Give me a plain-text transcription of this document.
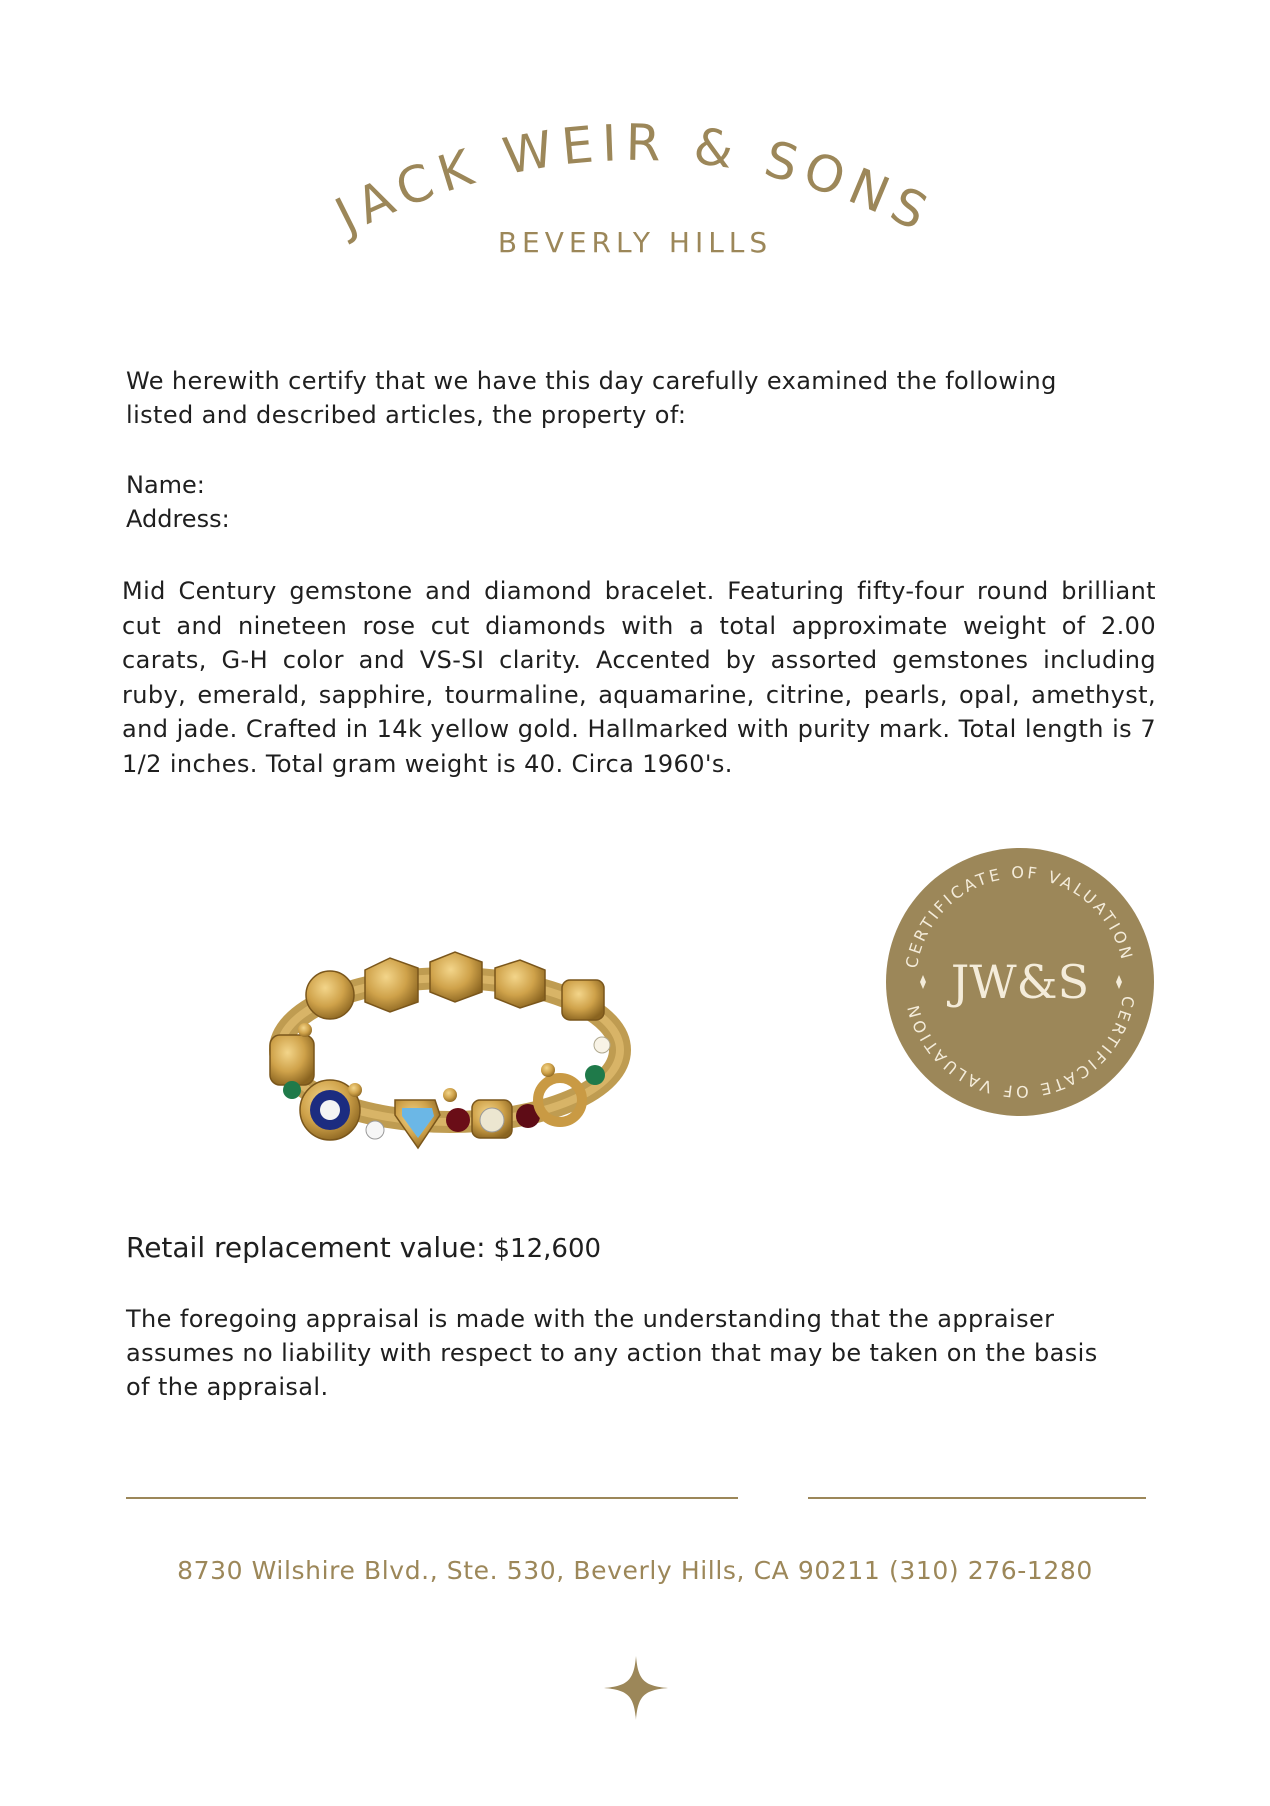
JACK WEIR & SONS
BEVERLY HILLS
We herewith certify that we have this day carefully examined the following listed and described articles, the property of:
Name:
Address:
Mid Century gemstone and diamond bracelet. Featuring fifty-four round brilliant cut and nineteen rose cut diamonds with a total approximate weight of 2.00 carats, G-H color and VS-SI clarity. Accented by assorted gemstones including ruby, emerald, sapphire, tourmaline, aquamarine, citrine, pearls, opal, amethyst, and jade. Crafted in 14k yellow gold. Hallmarked with purity mark. Total length is 7 1/2 inches. Total gram weight is 40. Circa 1960's.
CERTIFICATE OF VALUATION
CERTIFICATE OF VALUATION
JW&S
Retail replacement value: $12,600
The foregoing appraisal is made with the understanding that the appraiser assumes no liability with respect to any action that may be taken on the basis of the appraisal.
8730 Wilshire Blvd., Ste. 530, Beverly Hills, CA 90211 (310) 276-1280
